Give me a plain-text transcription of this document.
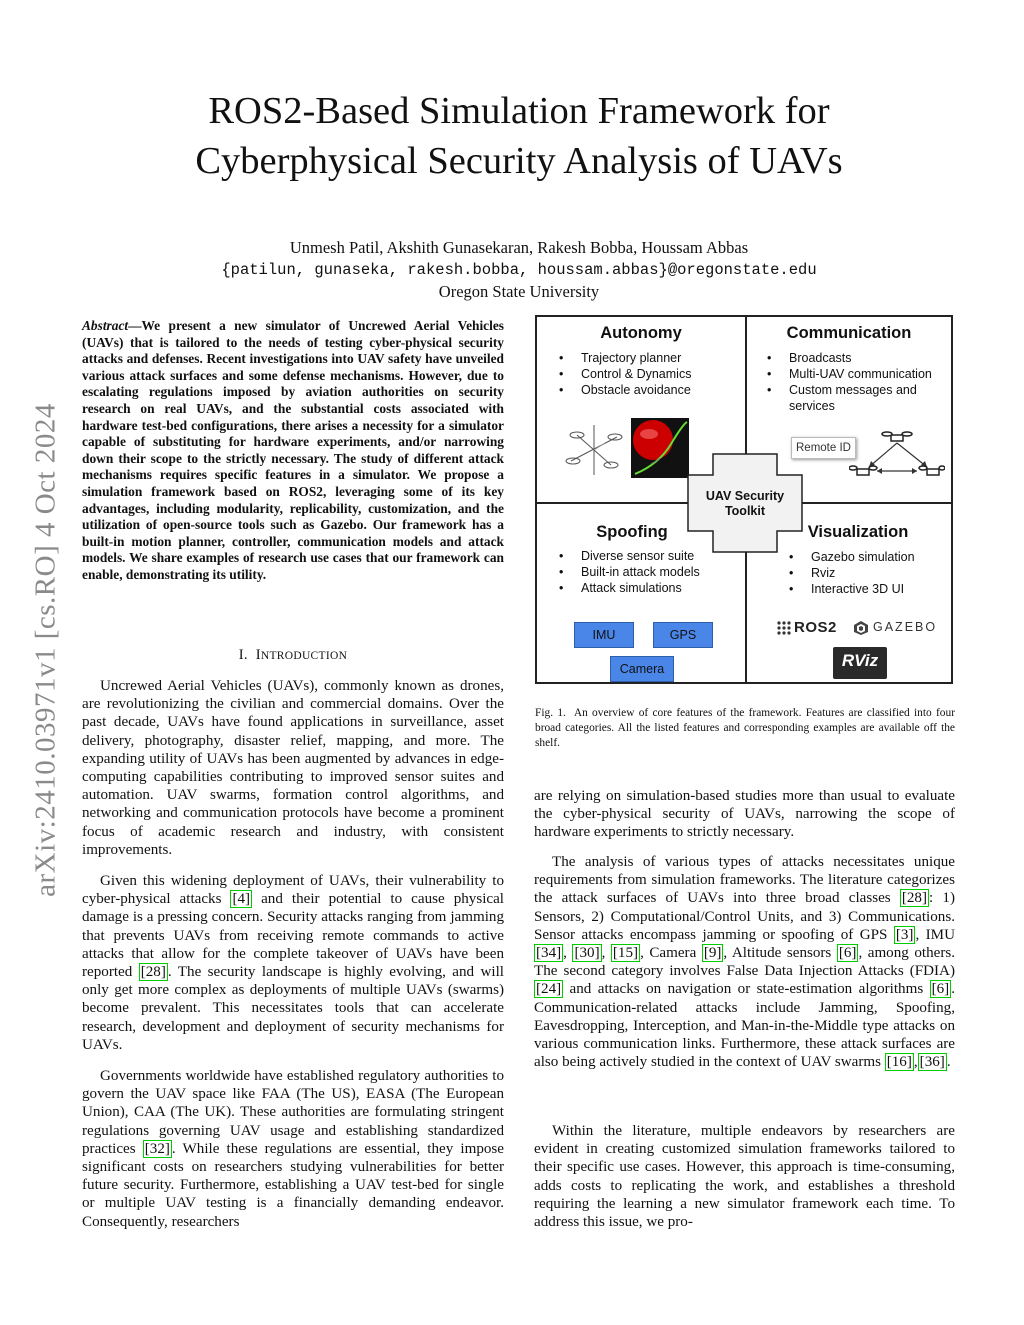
arXiv:2410.03971v1 [cs.RO] 4 Oct 2024
ROS2-Based Simulation Framework for
Cyberphysical Security Analysis of UAVs
Unmesh Patil, Akshith Gunasekaran, Rakesh Bobba, Houssam Abbas
{patilun, gunaseka, rakesh.bobba, houssam.abbas}@oregonstate.edu
Oregon State University
Abstract—We present a new simulator of Uncrewed Aerial Vehicles (UAVs) that is tailored to the needs of testing cyber-physical security attacks and defenses. Recent investigations into UAV safety have unveiled various attack surfaces and some defense mechanisms. However, due to escalating regulations imposed by aviation authorities on security research on real UAVs, and the substantial costs associated with hardware test-bed configurations, there arises a necessity for a simulator capable of substituting for hardware experiments, and/or narrowing down their scope to the strictly necessary. The study of different attack mechanisms requires specific features in a simulator. We propose a simulation framework based on ROS2, leveraging some of its key advantages, including modularity, replicability, customization, and the utilization of open-source tools such as Gazebo. Our framework has a built-in motion planner, controller, communication models and attack models. We share examples of research use cases that our framework can enable, demonstrating its utility.
I. INTRODUCTION

Uncrewed Aerial Vehicles (UAVs), commonly known as drones, are revolutionizing the civilian and commercial domains. Over the past decade, UAVs have found applications in surveillance, asset delivery, photography, disaster relief, mapping, and more. The expanding utility of UAVs has been augmented by advances in edge-computing capabilities contributing to improved sensor suites and automation. UAV swarms, formation control algorithms, and networking and communication protocols have become a prominent focus of academic research and industry, with consistent improvements.

Given this widening deployment of UAVs, their vulnerability to cyber-physical attacks [4] and their potential to cause physical damage is a pressing concern. Security attacks ranging from jamming that prevents UAVs from receiving remote commands to active attacks that allow for the complete takeover of UAVs have been reported [28] . The security landscape is highly evolving, and will only get more complex as deployments of multiple UAVs (swarms) become prevalent. This necessitates tools that can accelerate research, development and deployment of security mechanisms for UAVs.

Governments worldwide have established regulatory authorities to govern the UAV space like FAA (The US), EASA (The European Union), CAA (The UK). These authorities are formulating stringent regulations governing UAV usage and establishing standardized practices [32] . While these regulations are essential, they impose significant costs on researchers studying vulnerabilities for better future security. Furthermore, establishing a UAV test-bed for single or multiple UAV testing is a financially demanding endeavor. Consequently, researchers

Autonomy
• Trajectory planner
• Control & Dynamics
• Obstacle avoidance
Communication
• Broadcasts
• Multi-UAV communication
• Custom messages and services
Remote ID
UAV Security
Toolkit
Spoofing
• Diverse sensor suite
• Built-in attack models
• Attack simulations
IMU	GPS
Camera
Visualization
• Gazebo simulation
• Rviz
• Interactive 3D UI
ROS2	GAZEBO
RViz
Fig. 1. An overview of core features of the framework. Features are classified into four broad categories. All the listed features and corresponding examples are available off the shelf.

are relying on simulation-based studies more than usual to evaluate the cyber-physical security of UAVs, narrowing the scope of hardware experiments to strictly necessary.

The analysis of various types of attacks necessitates unique requirements from simulation frameworks. The literature categorizes the attack surfaces of UAVs into three broad classes [28] : 1) Sensors, 2) Computational/Control Units, and 3) Communications. Sensor attacks encompass jamming or spoofing of GPS [3] , IMU [34] , [30] , [15] , Camera [9] , Altitude sensors [6] , among others. The second category involves False Data Injection Attacks (FDIA) [24] and attacks on navigation or state-estimation algorithms [6] . Communication-related attacks include Jamming, Spoofing, Eavesdropping, Interception, and Man-in-the-Middle type attacks on various communication links. Furthermore, these attack surfaces are also being actively studied in the context of UAV swarms [16] , [36] .

Within the literature, multiple endeavors by researchers are evident in creating customized simulation frameworks tailored to their specific use cases. However, this approach is time-consuming, adds costs to replicating the work, and establishes a threshold requiring the learning a new simulator framework each time. To address this issue, we pro-
